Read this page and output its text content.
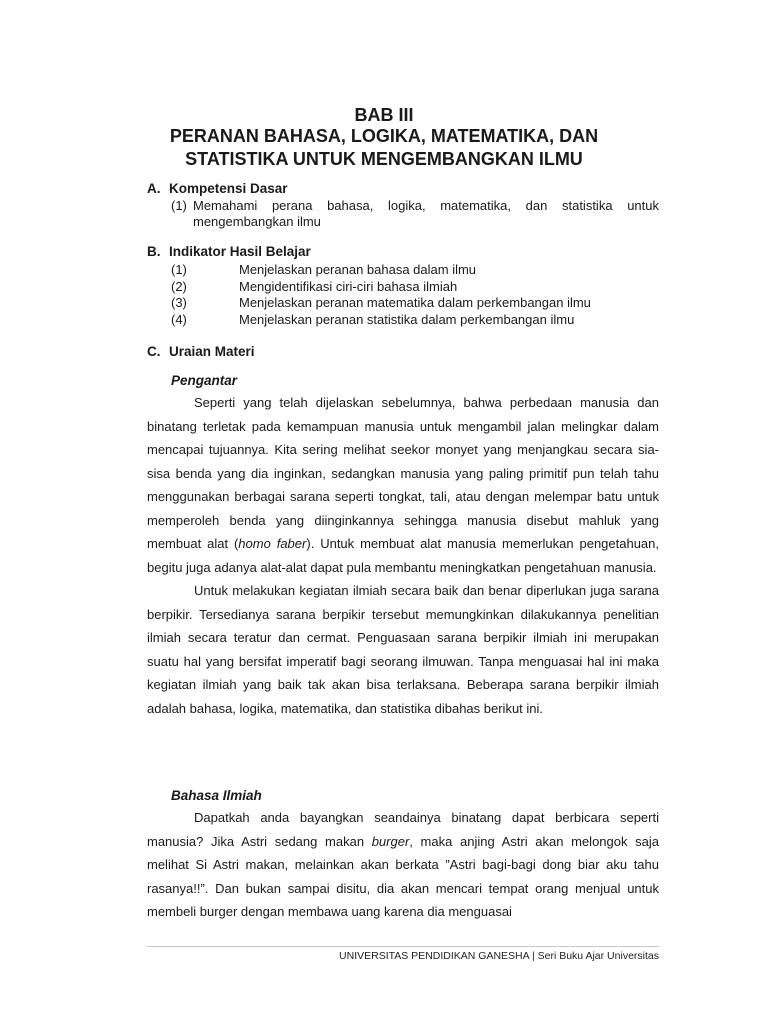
BAB III
PERANAN BAHASA, LOGIKA, MATEMATIKA, DAN
STATISTIKA UNTUK MENGEMBANGKAN ILMU
A. Kompetensi Dasar
(1) Memahami perana bahasa, logika, matematika, dan statistika untuk
mengembangkan ilmu
B. Indikator Hasil Belajar
(1)	Menjelaskan peranan bahasa dalam ilmu
(2)	Mengidentifikasi ciri-ciri bahasa ilmiah
(3)	Menjelaskan peranan matematika dalam perkembangan ilmu
(4)	Menjelaskan peranan statistika dalam perkembangan ilmu
C. Uraian Materi
Pengantar

Seperti yang telah dijelaskan sebelumnya, bahwa perbedaan manusia dan binatang terletak pada kemampuan manusia untuk mengambil jalan melingkar dalam mencapai tujuannya. Kita sering melihat seekor monyet yang menjangkau secara sia-sisa benda yang dia inginkan, sedangkan manusia yang paling primitif pun telah tahu menggunakan berbagai sarana seperti tongkat, tali, atau dengan melempar batu untuk memperoleh benda yang diinginkannya sehingga manusia disebut mahluk yang membuat alat (homo faber). Untuk membuat alat manusia memerlukan pengetahuan, begitu juga adanya alat-alat dapat pula membantu meningkatkan pengetahuan manusia.

Untuk melakukan kegiatan ilmiah secara baik dan benar diperlukan juga sarana berpikir. Tersedianya sarana berpikir tersebut memungkinkan dilakukannya penelitian ilmiah secara teratur dan cermat. Penguasaan sarana berpikir ilmiah ini merupakan suatu hal yang bersifat imperatif bagi seorang ilmuwan. Tanpa menguasai hal ini maka kegiatan ilmiah yang baik tak akan bisa terlaksana. Beberapa sarana berpikir ilmiah adalah bahasa, logika, matematika, dan statistika dibahas berikut ini.

Bahasa Ilmiah

Dapatkah anda bayangkan seandainya binatang dapat berbicara seperti manusia? Jika Astri sedang makan burger, maka anjing Astri akan melongok saja melihat Si Astri makan, melainkan akan berkata ”Astri bagi-bagi dong biar aku tahu rasanya!!”. Dan bukan sampai disitu, dia akan mencari tempat orang menjual untuk membeli burger dengan membawa uang karena dia menguasai

UNIVERSITAS PENDIDIKAN GANESHA | Seri Buku Ajar Universitas
